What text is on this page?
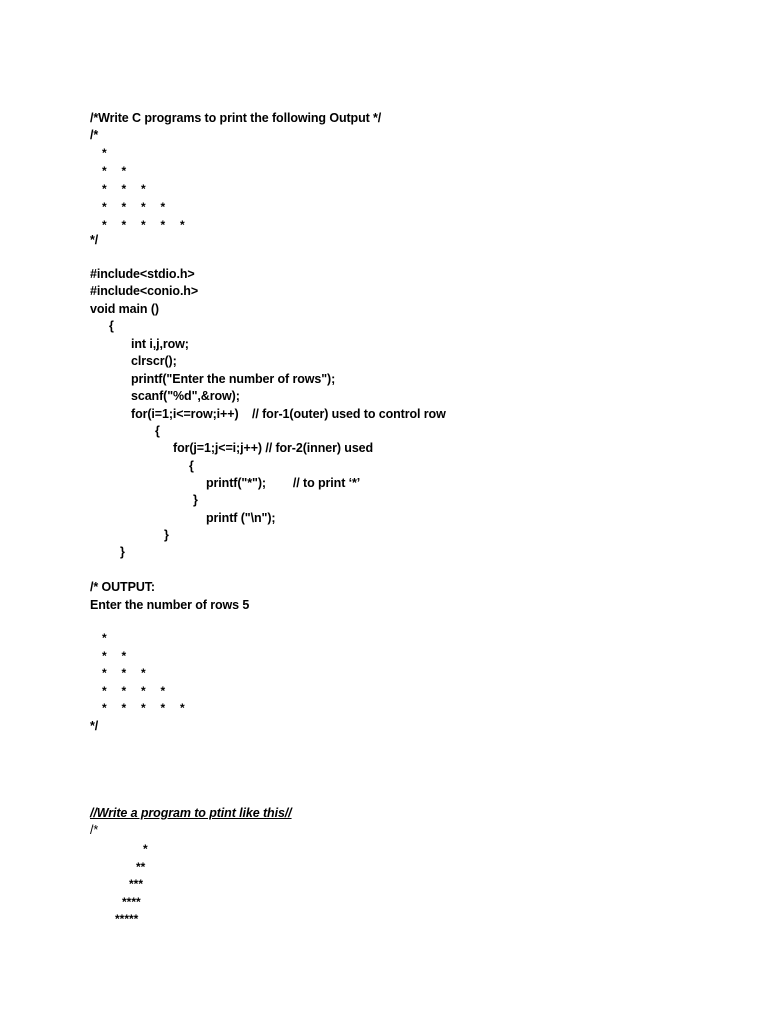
/*Write C programs to print the following Output */
/*
*
* *
* * *
* * * *
* * * * *
*/
#include<stdio.h>
#include<conio.h>
void main ()
{
int i,j,row;
clrscr();
printf("Enter the number of rows");
scanf("%d",&row);
for(i=1;i<=row;i++)    // for-1(outer) used to control row
{
for(j=1;j<=i;j++) // for-2(inner) used
{
printf("*");        // to print ‘*’
}
printf ("\n");
}
}
/* OUTPUT:
Enter the number of rows 5
*
* *
* * *
* * * *
* * * * *
*/
//Write a program to ptint like this//
/*
*
**
***
****
*****
